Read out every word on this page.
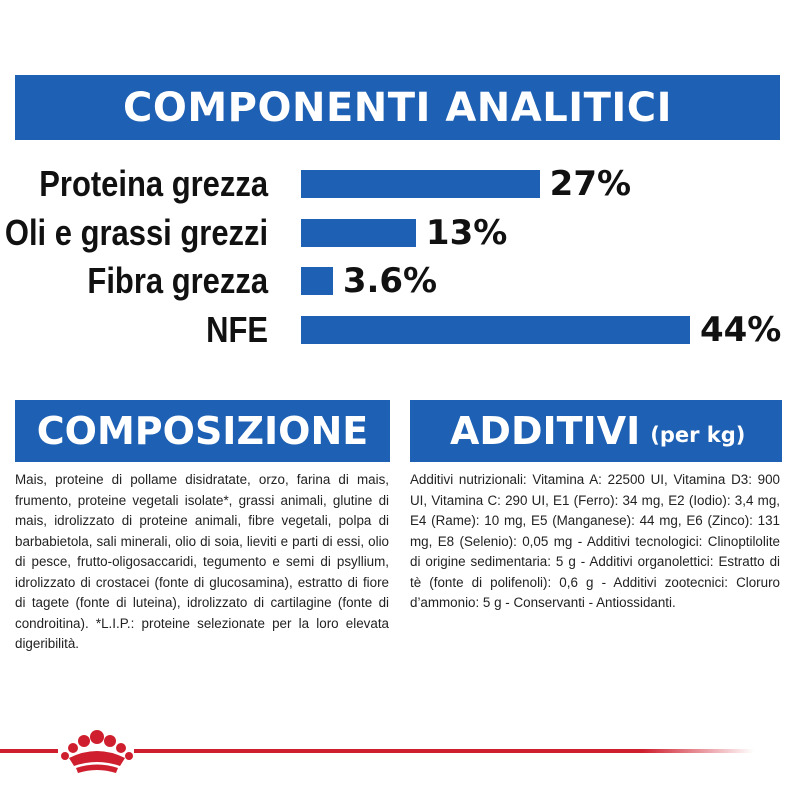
COMPONENTI ANALITICI
Proteina grezza	27%
Oli e grassi grezzi	13%
Fibra grezza 3.6%
NFE	44%
COMPOSIZIONE

Mais, proteine di pollame disidratate, orzo, farina di mais, frumento, proteine vegetali isolate*, grassi animali, glutine di mais, idrolizzato di proteine animali, fibre vegetali, polpa di barbabietola, sali minerali, olio di soia, lieviti e parti di essi, olio di pesce, frutto-oligosaccaridi, tegumento e semi di psyllium, idrolizzato di crostacei (fonte di glucosamina), estratto di fiore di tagete (fonte di luteina), idrolizzato di cartilagine (fonte di condroitina). *L.I.P.: proteine selezionate per la loro elevata digeribilità.

ADDITIVI (per kg)

Additivi nutrizionali: Vitamina A: 22500 UI, Vitamina D3: 900 UI, Vitamina C: 290 UI, E1 (Ferro): 34 mg, E2 (Iodio): 3,4 mg, E4 (Rame): 10 mg, E5 (Manganese): 44 mg, E6 (Zinco): 131 mg, E8 (Selenio): 0,05 mg - Additivi tecnologici: Clinoptilolite di origine sedimentaria: 5 g - Additivi organolettici: Estratto di tè (fonte di polifenoli): 0,6 g - Additivi zootecnici: Cloruro d’ammonio: 5 g - Conservanti - Antiossidanti.
